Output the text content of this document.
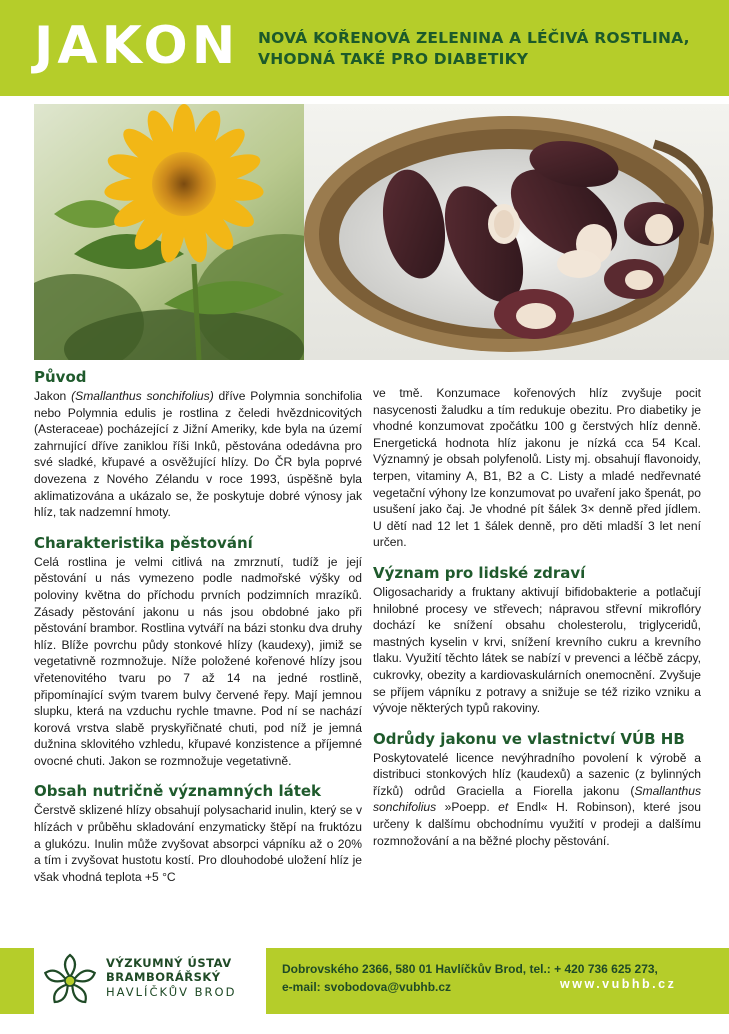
JAKON NOVÁ KOŘENOVÁ ZELENINA A LÉČIVÁ ROSTLINA,
VHODNÁ TAKÉ PRO DIABETIKY
Původ

Jakon (Smallanthus sonchifolius) dříve Polymnia sonchifolia nebo Polymnia edulis je rostlina z čeledi hvězdnicovitých (Asteraceae) pocházející z Jižní Ameriky, kde byla na území zahrnující dříve zaniklou říši Inků, pěstována odedávna pro své sladké, křupavé a osvěžující hlízy. Do ČR byla poprvé dovezena z Nového Zélandu v roce 1993, úspěšně byla aklimatizována a ukázalo se, že poskytuje dobré výnosy jak hlíz, tak nadzemní hmoty.

Charakteristika pěstování

Celá rostlina je velmi citlivá na zmrznutí, tudíž je její pěstování u nás vymezeno podle nadmořské výšky od poloviny května do příchodu prvních podzimních mrazíků. Zásady pěstování jakonu u nás jsou obdobné jako při pěstování brambor. Rostlina vytváří na bázi stonku dva druhy hlíz. Blíže povrchu půdy stonkové hlízy (kaudexy), jimiž se vegetativně rozmnožuje. Níže položené kořenové hlízy jsou vřetenovitého tvaru po 7 až 14 na jedné rostlině, připomínající svým tvarem bulvy červené řepy. Mají jemnou slupku, která na vzduchu rychle tmavne. Pod ní se nachází korová vrstva slabě pryskyřičnaté chuti, pod níž je jemná dužnina sklovitého vzhledu, křupavé konzistence a příjemné ovocné chuti. Jakon se rozmnožuje vegetativně.

Obsah nutričně významných látek

Čerstvě sklizené hlízy obsahují polysacharid inulin, který se v hlízách v průběhu skladování enzymaticky štěpí na fruktózu a glukózu. Inulin může zvyšovat absorpci vápníku až o 20% a tím i zvyšovat hustotu kostí. Pro dlouhodobé uložení hlíz je však vhodná teplota +5 °C

ve tmě. Konzumace kořenových hlíz zvyšuje pocit nasycenosti žaludku a tím redukuje obezitu. Pro diabetiky je vhodné konzumovat zpočátku 100 g čerstvých hlíz denně. Energetická hodnota hlíz jakonu je nízká cca 54 Kcal. Významný je obsah polyfenolů. Listy mj. obsahují flavonoidy, terpen, vitaminy A, B1, B2 a C. Listy a mladé nedřevnaté vegetační výhony lze konzumovat po uvaření jako špenát, po usušení jako čaj. Je vhodné pít šálek 3× denně před jídlem. U dětí nad 12 let 1 šálek denně, pro děti mladší 3 let není určen.

Význam pro lidské zdraví

Oligosacharidy a fruktany aktivují bifidobakterie a potlačují hnilobné procesy ve střevech; nápravou střevní mikroflóry dochází ke snížení obsahu cholesterolu, triglyceridů, mastných kyselin v krvi, snížení krevního cukru a krevního tlaku. Využití těchto látek se nabízí v prevenci a léčbě zácpy, cukrovky, obezity a kardiovaskulárních onemocnění. Zvyšuje se příjem vápníku z potravy a snižuje se též riziko vzniku a vývoje některých typů rakoviny.

Odrůdy jakonu ve vlastnictví VÚB HB

Poskytovatelé licence nevýhradního povolení k výrobě a distribuci stonkových hlíz (kaudexů) a sazenic (z bylinných řízků) odrůd Graciella a Fiorella jakonu (Smallanthus sonchifolius »Poepp. et Endl« H. Robinson), které jsou určeny k dalšímu obchodnímu využití v prodeji a dalšímu rozmnožování a na běžné plochy pěstování.

VÝZKUMNÝ ÚSTAV
BRAMBORÁŘSKÝ
HAVLÍČKŮV BROD
Dobrovského 2366, 580 01 Havlíčkův Brod, tel.: + 420 736 625 273,
e-mail: svobodova@vubhb.cz	www.vubhb.cz
